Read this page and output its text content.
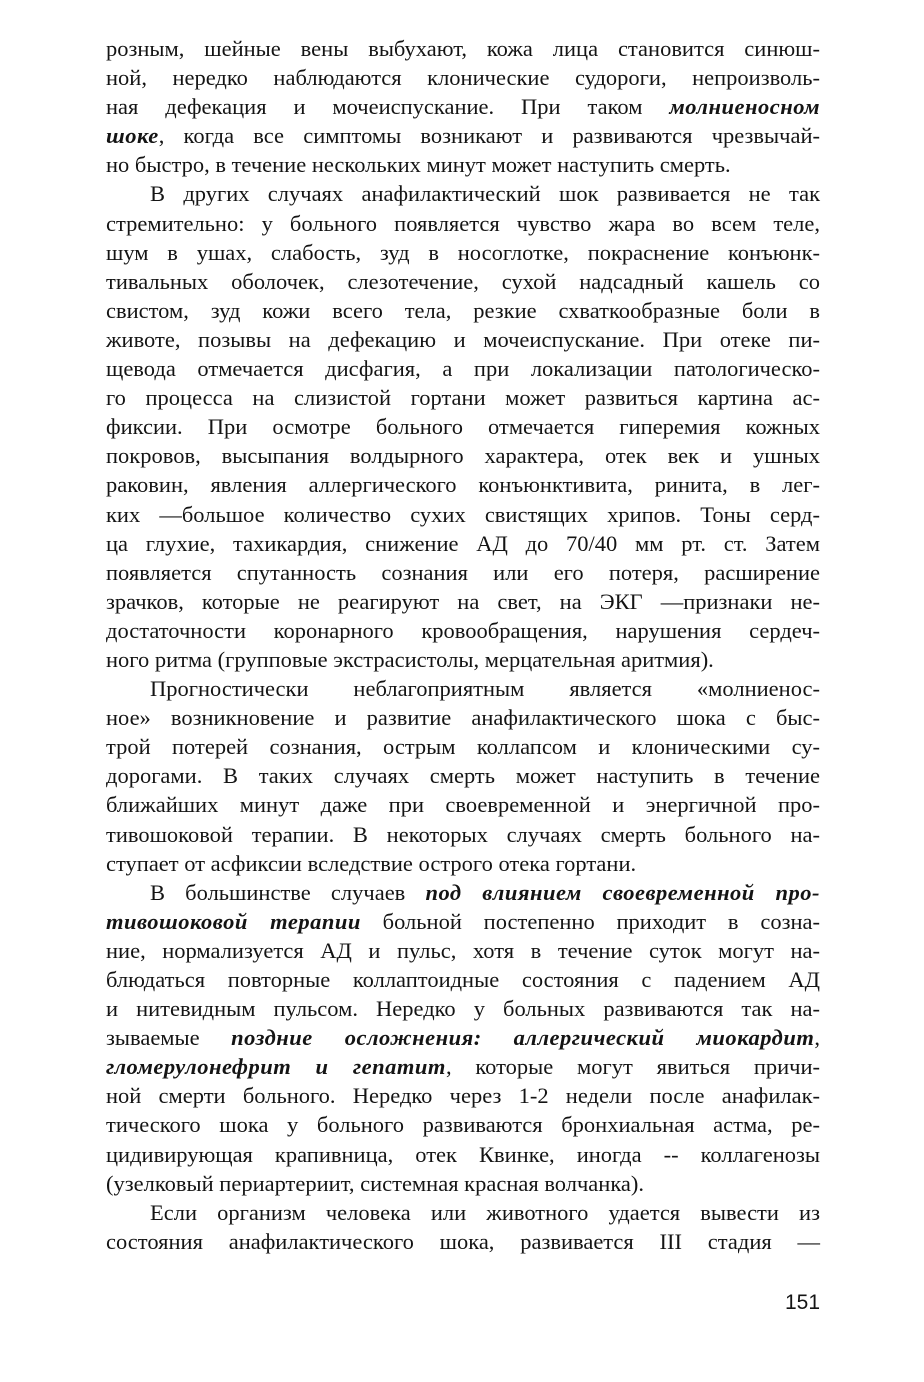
розным, шейные вены выбухают, кожа лица становится синюш-
ной, нередко наблюдаются клонические судороги, непроизволь-
ная дефекация и мочеиспускание. При таком молниеносном
шоке, когда все симптомы возникают и развиваются чрезвычай-
но быстро, в течение нескольких минут может наступить смерть.
В других случаях анафилактический шок развивается не так
стремительно: у больного появляется чувство жара во всем теле,
шум в ушах, слабость, зуд в носоглотке, покраснение конъюнк-
тивальных оболочек, слезотечение, сухой надсадный кашель со
свистом, зуд кожи всего тела, резкие схваткообразные боли в
животе, позывы на дефекацию и мочеиспускание. При отеке пи-
щевода отмечается дисфагия, а при локализации патологическо-
го процесса на слизистой гортани может развиться картина ас-
фиксии. При осмотре больного отмечается гиперемия кожных
покровов, высыпания волдырного характера, отек век и ушных
раковин, явления аллергического конъюнктивита, ринита, в лег-
ких —большое количество сухих свистящих хрипов. Тоны серд-
ца глухие, тахикардия, снижение АД до 70/40 мм рт. ст. Затем
появляется спутанность сознания или его потеря, расширение
зрачков, которые не реагируют на свет, на ЭКГ —признаки не-
достаточности коронарного кровообращения, нарушения сердеч-
ного ритма (групповые экстрасистолы, мерцательная аритмия).
Прогностически неблагоприятным является «молниенос-
ное» возникновение и развитие анафилактического шока с быс-
трой потерей сознания, острым коллапсом и клоническими су-
дорогами. В таких случаях смерть может наступить в течение
ближайших минут даже при своевременной и энергичной про-
тивошоковой терапии. В некоторых случаях смерть больного на-
ступает от асфиксии вследствие острого отека гортани.
В большинстве случаев под влиянием своевременной про-
тивошоковой терапии больной постепенно приходит в созна-
ние, нормализуется АД и пульс, хотя в течение суток могут на-
блюдаться повторные коллаптоидные состояния с падением АД
и нитевидным пульсом. Нередко у больных развиваются так на-
зываемые поздние осложнения: аллергический миокардит,
гломерулонефрит и гепатит, которые могут явиться причи-
ной смерти больного. Нередко через 1-2 недели после анафилак-
тического шока у больного развиваются бронхиальная астма, ре-
цидивирующая крапивница, отек Квинке, иногда -- коллагенозы
(узелковый периартериит, системная красная волчанка).
Если организм человека или животного удается вывести из
состояния анафилактического шока, развивается III стадия —
151
